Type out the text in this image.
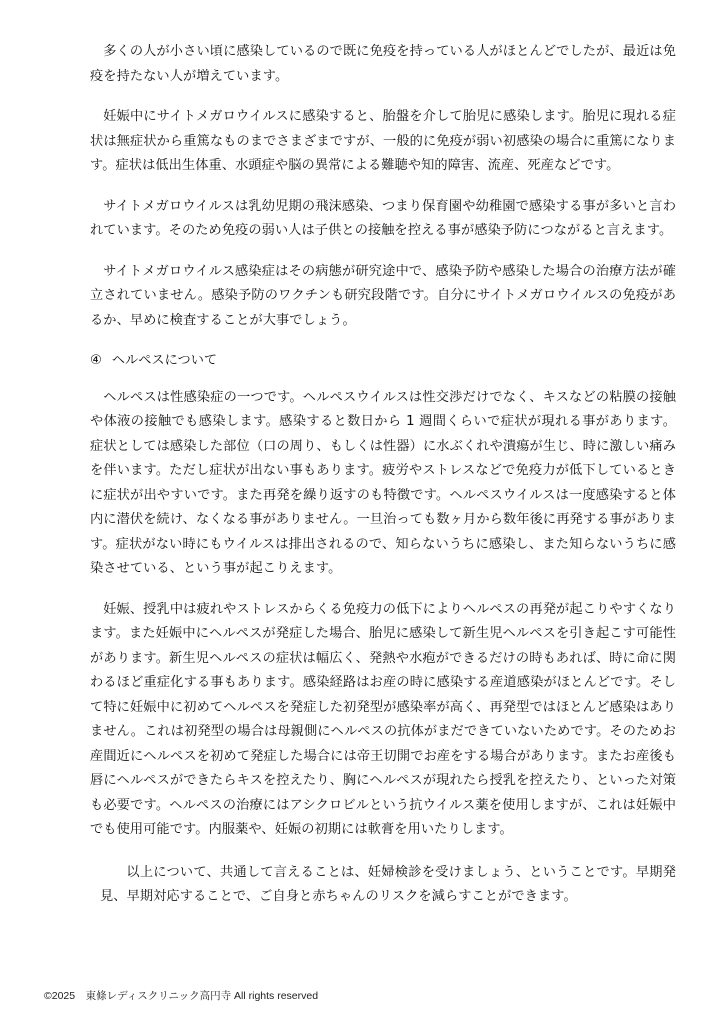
多くの人が小さい頃に感染しているので既に免疫を持っている人がほとんどでしたが、最近は免疫を持たない人が増えています。

妊娠中にサイトメガロウイルスに感染すると、胎盤を介して胎児に感染します。胎児に現れる症状は無症状から重篤なものまでさまざまですが、一般的に免疫が弱い初感染の場合に重篤になります。症状は低出生体重、水頭症や脳の異常による難聴や知的障害、流産、死産などです。

サイトメガロウイルスは乳幼児期の飛沫感染、つまり保育園や幼稚園で感染する事が多いと言われています。そのため免疫の弱い人は子供との接触を控える事が感染予防につながると言えます。

サイトメガロウイルス感染症はその病態が研究途中で、感染予防や感染した場合の治療方法が確立されていません。感染予防のワクチンも研究段階です。自分にサイトメガロウイルスの免疫があるか、早めに検査することが大事でしょう。

④ ヘルペスについて

ヘルペスは性感染症の一つです。ヘルペスウイルスは性交渉だけでなく、キスなどの粘膜の接触や体液の接触でも感染します。感染すると数日から 1 週間くらいで症状が現れる事があります。症状としては感染した部位（口の周り、もしくは性器）に水ぶくれや潰瘍が生じ、時に激しい痛みを伴います。ただし症状が出ない事もあります。疲労やストレスなどで免疫力が低下しているときに症状が出やすいです。また再発を繰り返すのも特徴です。ヘルペスウイルスは一度感染すると体内に潜伏を続け、なくなる事がありません。一旦治っても数ヶ月から数年後に再発する事があります。症状がない時にもウイルスは排出されるので、知らないうちに感染し、また知らないうちに感染させている、という事が起こりえます。

妊娠、授乳中は疲れやストレスからくる免疫力の低下によりヘルペスの再発が起こりやすくなります。また妊娠中にヘルペスが発症した場合、胎児に感染して新生児ヘルペスを引き起こす可能性があります。新生児ヘルペスの症状は幅広く、発熱や水疱ができるだけの時もあれば、時に命に関わるほど重症化する事もあります。感染経路はお産の時に感染する産道感染がほとんどです。そして特に妊娠中に初めてヘルペスを発症した初発型が感染率が高く、再発型ではほとんど感染はありません。これは初発型の場合は母親側にヘルペスの抗体がまだできていないためです。そのためお産間近にヘルペスを初めて発症した場合には帝王切開でお産をする場合があります。またお産後も唇にヘルペスができたらキスを控えたり、胸にヘルペスが現れたら授乳を控えたり、といった対策も必要です。ヘルペスの治療にはアシクロビルという抗ウイルス薬を使用しますが、これは妊娠中でも使用可能です。内服薬や、妊娠の初期には軟膏を用いたりします。

以上について、共通して言えることは、妊婦検診を受けましょう、ということです。早期発見、早期対応することで、ご自身と赤ちゃんのリスクを減らすことができます。

©2025　東條レディスクリニック高円寺 All rights reserved
